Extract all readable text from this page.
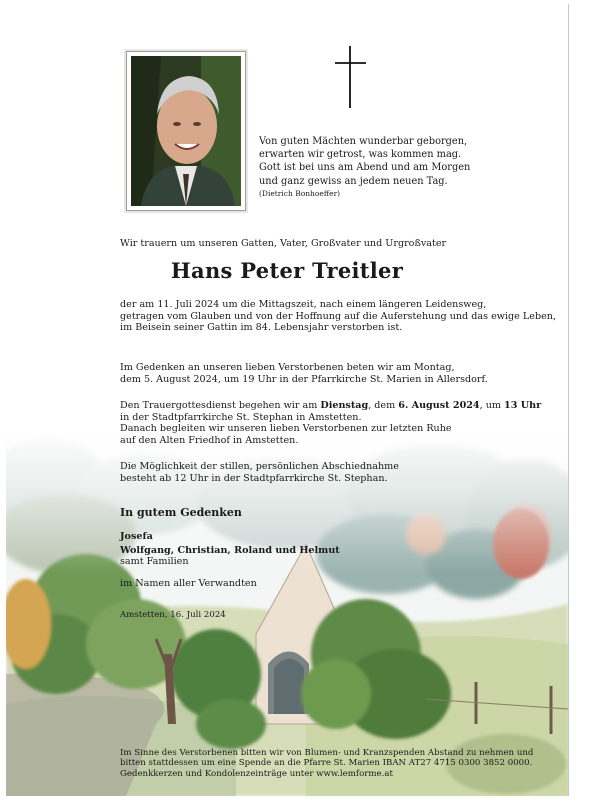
Von guten Mächten wunderbar geborgen,
erwarten wir getrost, was kommen mag.
Gott ist bei uns am Abend und am Morgen
und ganz gewiss an jedem neuen Tag.
(Dietrich Bonhoeffer)
Wir trauern um unseren Gatten, Vater, Großvater und Urgroßvater
Hans Peter Treitler
der am 11. Juli 2024 um die Mittagszeit, nach einem längeren Leidensweg,
getragen vom Glauben und von der Hoffnung auf die Auferstehung und das ewige Leben,
im Beisein seiner Gattin im 84. Lebensjahr verstorben ist.
Im Gedenken an unseren lieben Verstorbenen beten wir am Montag,
dem 5. August 2024, um 19 Uhr in der Pfarrkirche St. Marien in Allersdorf.
Den Trauergottesdienst begehen wir am Dienstag, dem 6. August 2024, um 13 Uhr
in der Stadtpfarrkirche St. Stephan in Amstetten.
Danach begleiten wir unseren lieben Verstorbenen zur letzten Ruhe
auf den Alten Friedhof in Amstetten.
Die Möglichkeit der stillen, persönlichen Abschiednahme
besteht ab 12 Uhr in der Stadtpfarrkirche St. Stephan.
In gutem Gedenken
Josefa
Wolfgang, Christian, Roland und Helmut
samt Familien
im Namen aller Verwandten
Amstetten, 16. Juli 2024
Im Sinne des Verstorbenen bitten wir von Blumen- und Kranzspenden Abstand zu nehmen und
bitten stattdessen um eine Spende an die Pfarre St. Marien IBAN AT27 4715 0300 3852 0000.
Gedenkkerzen und Kondolenzeinträge unter www.lemforme.at
